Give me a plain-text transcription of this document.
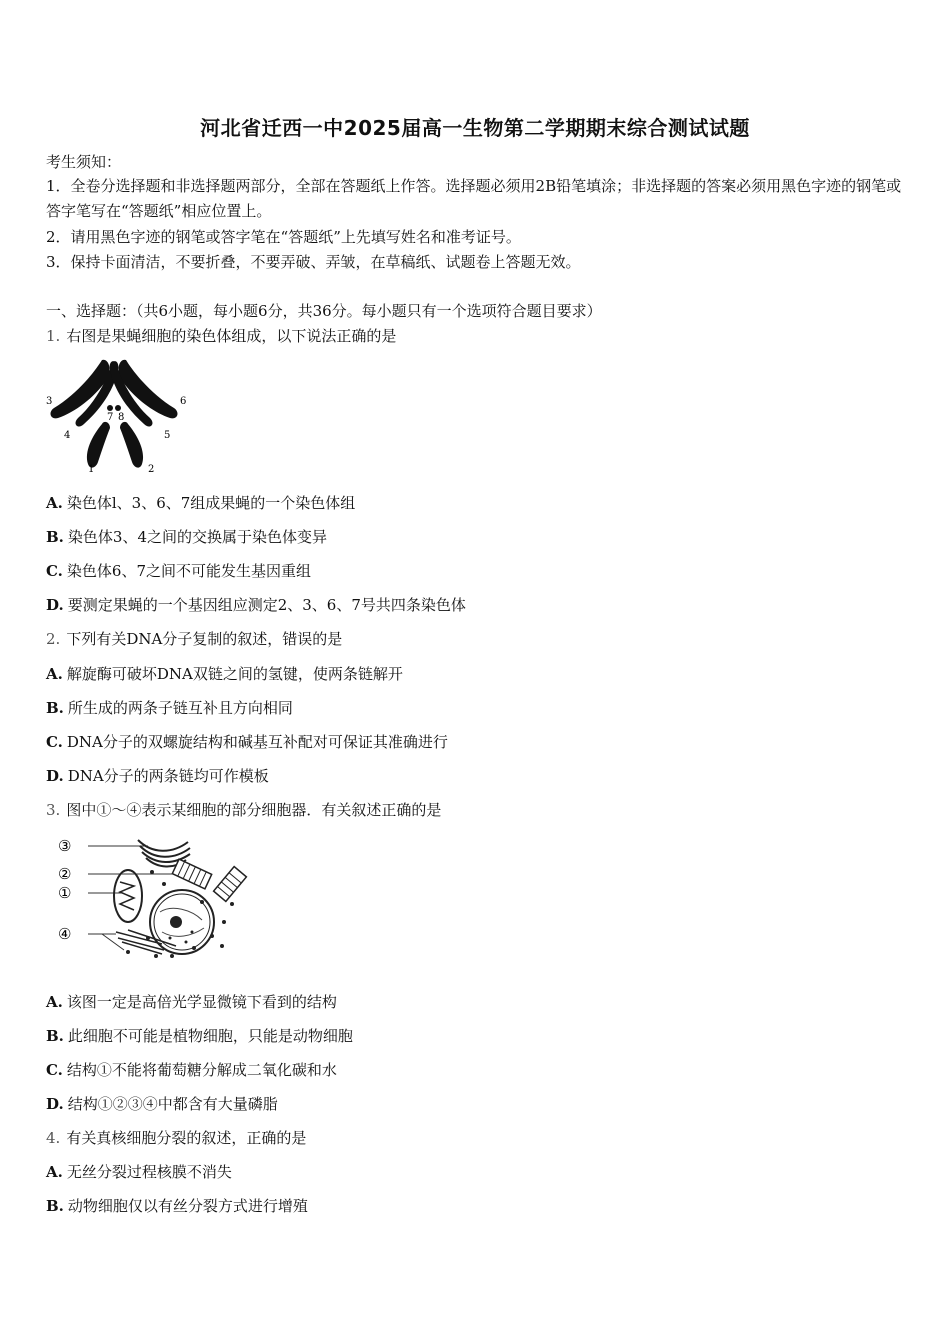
河北省迁西一中2025届高一生物第二学期期末综合测试试题
考生须知：
1．全卷分选择题和非选择题两部分，全部在答题纸上作答。选择题必须用2B铅笔填涂；非选择题的答案必须用黑色字迹的钢笔或答字笔写在“答题纸”相应位置上。
2．请用黑色字迹的钢笔或答字笔在“答题纸”上先填写姓名和准考证号。
3．保持卡面清洁，不要折叠，不要弄破、弄皱，在草稿纸、试题卷上答题无效。
一、选择题：（共6小题，每小题6分，共36分。每小题只有一个选项符合题目要求）
1. 右图是果蝇细胞的染色体组成，以下说法正确的是
3	6
7 8
4	5
1	2
A. 染色体l、3、6、7组成果蝇的一个染色体组
B. 染色体3、4之间的交换属于染色体变异
C. 染色体6、7之间不可能发生基因重组
D. 要测定果蝇的一个基因组应测定2、3、6、7号共四条染色体
2. 下列有关DNA分子复制的叙述，错误的是
A. 解旋酶可破坏DNA双链之间的氢键，使两条链解开
B. 所生成的两条子链互补且方向相同
C. DNA分子的双螺旋结构和碱基互补配对可保证其准确进行
D. DNA分子的两条链均可作模板
3. 图中①～④表示某细胞的部分细胞器．有关叙述正确的是
③
②
①
④
A. 该图一定是高倍光学显微镜下看到的结构
B. 此细胞不可能是植物细胞，只能是动物细胞
C. 结构①不能将葡萄糖分解成二氧化碳和水
D. 结构①②③④中都含有大量磷脂
4. 有关真核细胞分裂的叙述，正确的是
A. 无丝分裂过程核膜不消失
B. 动物细胞仅以有丝分裂方式进行增殖
